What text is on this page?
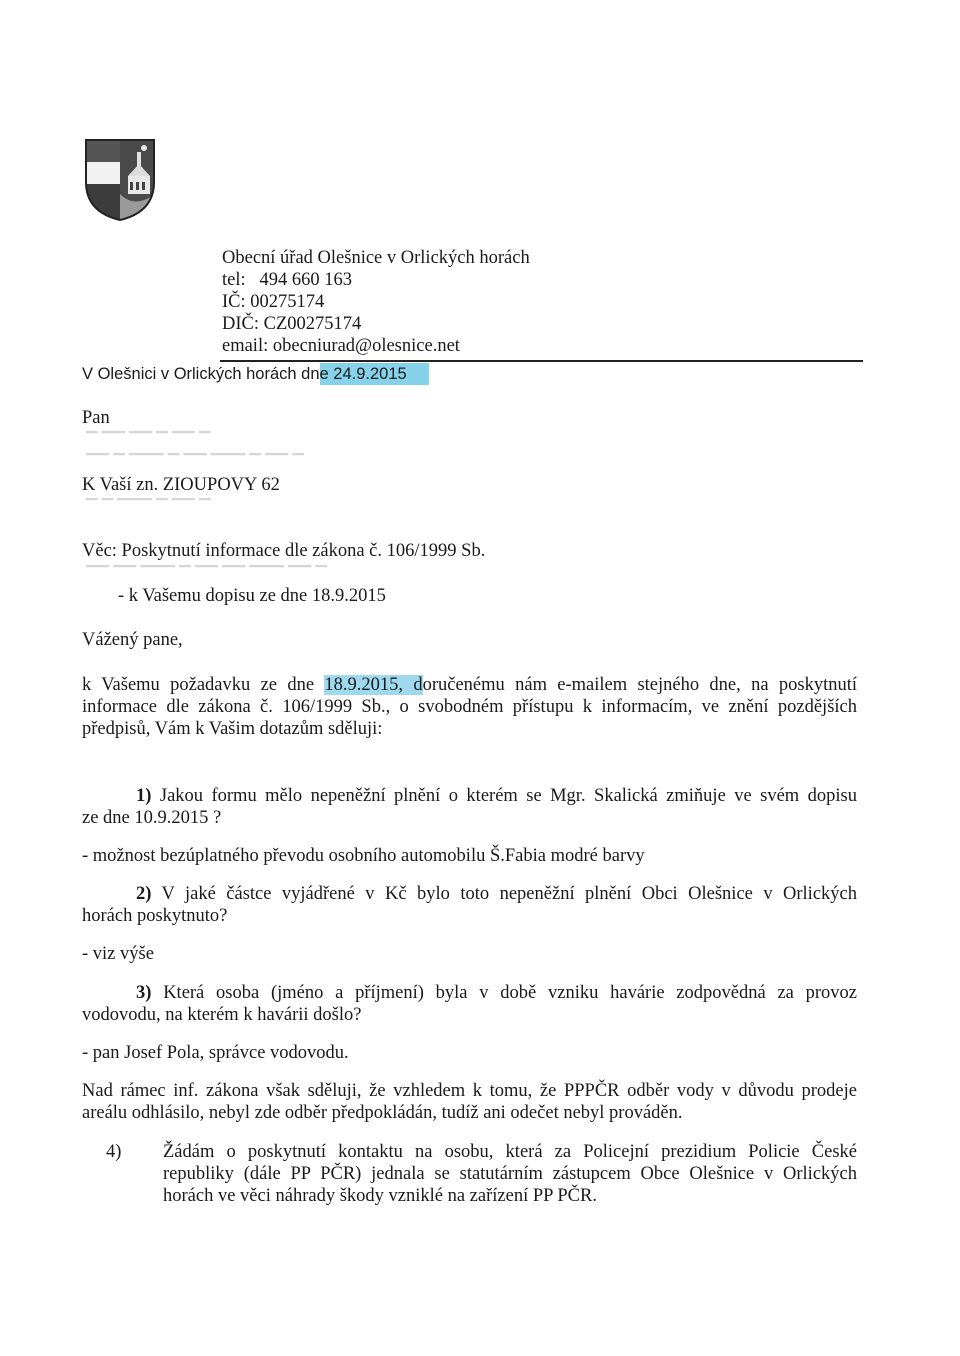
Obecní úřad Olešnice v Orlických horách
tel:   494 660 163
IČ: 00275174
DIČ: CZ00275174
email: obecniurad@olesnice.net
V Olešnici v Orlických horách dne 24.9.2015
Pan
▔ ▔▔ ▔▔ ▔ ▔▔ ▔
▔▔ ▔ ▔▔▔ ▔ ▔▔ ▔▔▔ ▔ ▔▔ ▔
K Vaší zn. ZIOUPOVY 62
▔ ▔ ▔▔▔ ▔ ▔▔ ▔
Věc: Poskytnutí informace dle zákona č. 106/1999 Sb.
▔▔ ▔▔ ▔▔▔ ▔ ▔▔ ▔▔ ▔▔▔ ▔▔ ▔
- k Vašemu dopisu ze dne 18.9.2015
Vážený pane,
k Vašemu požadavku ze dne 18.9.2015, doručenému nám e-mailem stejného dne, na poskytnutí
informace dle zákona č. 106/1999 Sb., o svobodném přístupu k informacím, ve znění pozdějších
předpisů, Vám k Vašim dotazům sděluji:
1) Jakou formu mělo nepeněžní plnění o kterém se Mgr. Skalická zmiňuje ve svém dopisu
ze dne 10.9.2015 ?
- možnost bezúplatného převodu osobního automobilu Š.Fabia modré barvy
2) V jaké částce vyjádřené v Kč bylo toto nepeněžní plnění Obci Olešnice v Orlických
horách poskytnuto?
- viz výše
3) Která osoba (jméno a příjmení) byla v době vzniku havárie zodpovědná za provoz
vodovodu, na kterém k havárii došlo?
- pan Josef Pola, správce vodovodu.
Nad rámec inf. zákona však sděluji, že vzhledem k tomu, že PPPČR odběr vody v důvodu prodeje
areálu odhlásilo, nebyl zde odběr předpokládán, tudíž ani odečet nebyl prováděn.
4) Žádám o poskytnutí kontaktu na osobu, která za Policejní prezidium Policie České
republiky (dále PP PČR) jednala se statutárním zástupcem Obce Olešnice v Orlických
horách ve věci náhrady škody vzniklé na zařízení PP PČR.
